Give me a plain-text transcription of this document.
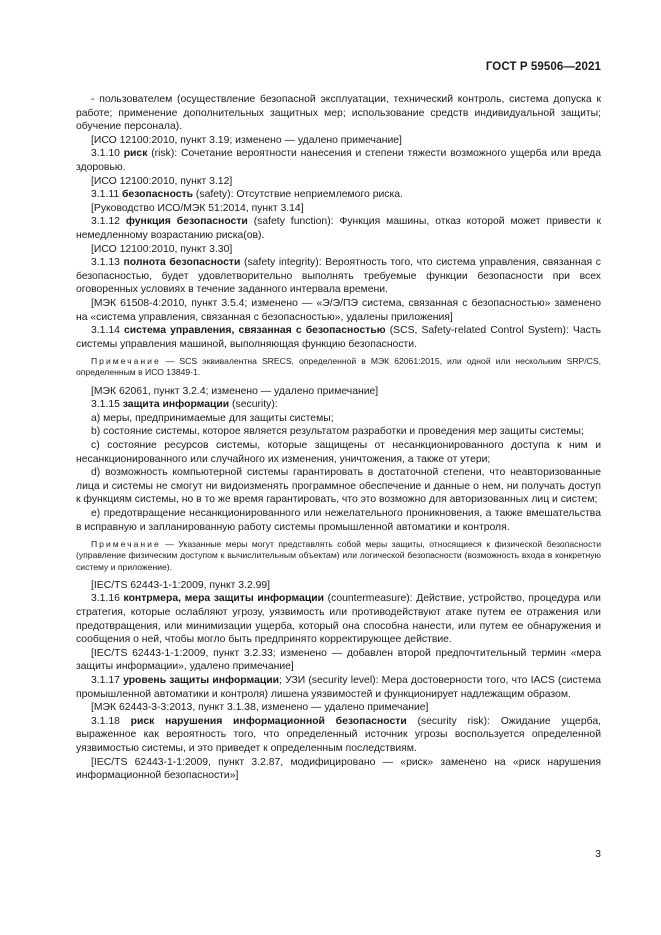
ГОСТ Р 59506—2021

- пользователем (осуществление безопасной эксплуатации, технический контроль, система допуска к работе; применение дополнительных защитных мер; использование средств индивидуальной защиты; обучение персонала).

[ИСО 12100:2010, пункт 3.19; изменено — удалено примечание]

3.1.10 риск (risk): Сочетание вероятности нанесения и степени тяжести возможного ущерба или вреда здоровью.

[ИСО 12100:2010, пункт 3.12]

3.1.11 безопасность (safety): Отсутствие неприемлемого риска.

[Руководство ИСО/МЭК 51:2014, пункт 3.14]

3.1.12 функция безопасности (safety function): Функция машины, отказ которой может привести к немедленному возрастанию риска(ов).

[ИСО 12100:2010, пункт 3.30]

3.1.13 полнота безопасности (safety integrity): Вероятность того, что система управления, связанная с безопасностью, будет удовлетворительно выполнять требуемые функции безопасности при всех оговоренных условиях в течение заданного интервала времени.

[МЭК 61508-4:2010, пункт 3.5.4; изменено — «Э/Э/ПЭ система, связанная с безопасностью» заменено на «система управления, связанная с безопасностью», удалены приложения]

3.1.14 система управления, связанная с безопасностью (SCS, Safety-related Control System): Часть системы управления машиной, выполняющая функцию безопасности.

Примечание — SCS эквивалентна SRECS, определенной в МЭК 62061:2015, или одной или нескольким SRP/CS, определенным в ИСО 13849-1.

[МЭК 62061, пункт 3.2.4; изменено — удалено примечание]

3.1.15 защита информации (security):

a) меры, предпринимаемые для защиты системы;

b) состояние системы, которое является результатом разработки и проведения мер защиты системы;

c) состояние ресурсов системы, которые защищены от несанкционированного доступа к ним и несанкционированного или случайного их изменения, уничтожения, а также от утери;

d) возможность компьютерной системы гарантировать в достаточной степени, что неавторизованные лица и системы не смогут ни видоизменять программное обеспечение и данные о нем, ни получать доступ к функциям системы, но в то же время гарантировать, что это возможно для авторизованных лиц и систем;

e) предотвращение несанкционированного или нежелательного проникновения, а также вмешательства в исправную и запланированную работу системы промышленной автоматики и контроля.

Примечание — Указанные меры могут представлять собой меры защиты, относящиеся к физической безопасности (управление физическим доступом к вычислительным объектам) или логической безопасности (возможность входа в конкретную систему и приложение).

[IEC/TS 62443-1-1:2009, пункт 3.2.99]

3.1.16 контрмера, мера защиты информации (countermeasure): Действие, устройство, процедура или стратегия, которые ослабляют угрозу, уязвимость или противодействуют атаке путем ее отражения или предотвращения, или минимизации ущерба, который она способна нанести, или путем ее обнаружения и сообщения о ней, чтобы могло быть предпринято корректирующее действие.

[IEC/TS 62443-1-1:2009, пункт 3.2.33; изменено — добавлен второй предпочтительный термин «мера защиты информации», удалено примечание]

3.1.17 уровень защиты информации; УЗИ (security level): Мера достоверности того, что IACS (система промышленной автоматики и контроля) лишена уязвимостей и функционирует надлежащим образом.

[МЭК 62443-3-3:2013, пункт 3.1.38, изменено — удалено примечание]

3.1.18 риск нарушения информационной безопасности (security risk): Ожидание ущерба, выраженное как вероятность того, что определенный источник угрозы воспользуется определенной уязвимостью системы, и это приведет к определенным последствиям.

[IEC/TS 62443-1-1:2009, пункт 3.2.87, модифицировано — «риск» заменено на «риск нарушения информационной безопасности»]

3
